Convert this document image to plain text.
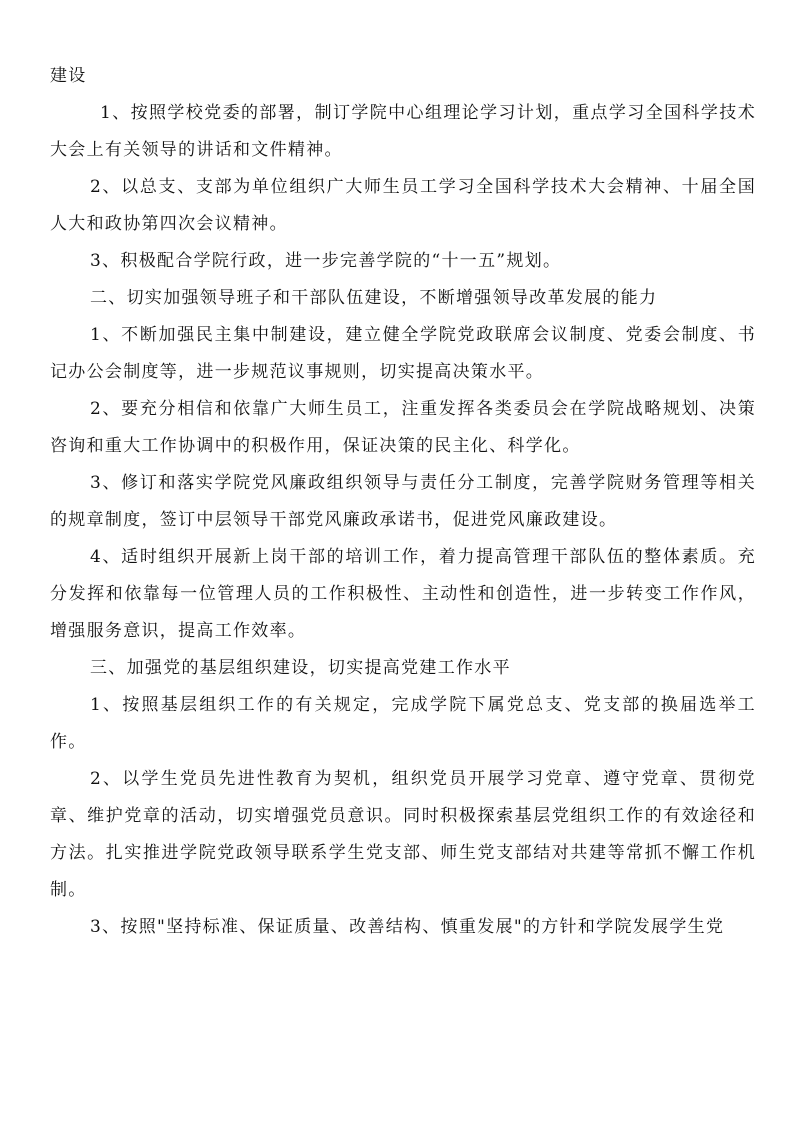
建设

1、按照学校党委的部署，制订学院中心组理论学习计划，重点学习全国科学技术大会上有关领导的讲话和文件精神。

2、以总支、支部为单位组织广大师生员工学习全国科学技术大会精神、十届全国人大和政协第四次会议精神。

3、积极配合学院行政，进一步完善学院的“十一五”规划。

二、切实加强领导班子和干部队伍建设，不断增强领导改革发展的能力

1、不断加强民主集中制建设，建立健全学院党政联席会议制度、党委会制度、书记办公会制度等，进一步规范议事规则，切实提高决策水平。

2、要充分相信和依靠广大师生员工，注重发挥各类委员会在学院战略规划、决策咨询和重大工作协调中的积极作用，保证决策的民主化、科学化。

3、修订和落实学院党风廉政组织领导与责任分工制度，完善学院财务管理等相关的规章制度，签订中层领导干部党风廉政承诺书，促进党风廉政建设。

4、适时组织开展新上岗干部的培训工作，着力提高管理干部队伍的整体素质。充分发挥和依靠每一位管理人员的工作积极性、主动性和创造性，进一步转变工作作风，增强服务意识，提高工作效率。

三、加强党的基层组织建设，切实提高党建工作水平

1、按照基层组织工作的有关规定，完成学院下属党总支、党支部的换届选举工作。

2、以学生党员先进性教育为契机，组织党员开展学习党章、遵守党章、贯彻党章、维护党章的活动，切实增强党员意识。同时积极探索基层党组织工作的有效途径和方法。扎实推进学院党政领导联系学生党支部、师生党支部结对共建等常抓不懈工作机制。

3、按照"坚持标准、保证质量、改善结构、慎重发展"的方针和学院发展学生党
